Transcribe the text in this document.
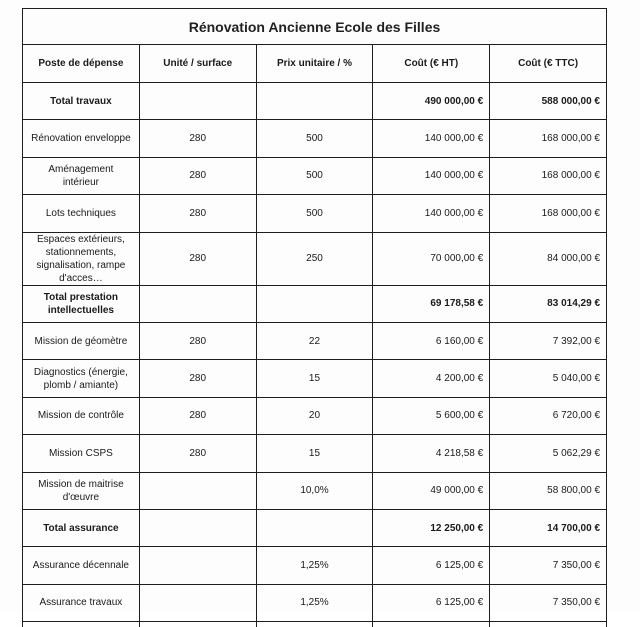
Rénovation Ancienne Ecole des Filles				
Poste de dépense	Unité / surface	Prix unitaire / %	Coût (€ HT)	Coût (€ TTC)
Total travaux			490 000,00 €	588 000,00 €
Rénovation enveloppe	280	500	140 000,00 €	168 000,00 €
Aménagement intérieur	280	500	140 000,00 €	168 000,00 €
Lots techniques	280	500	140 000,00 €	168 000,00 €
Espaces extérieurs, stationnements, signalisation, rampe d'acces…	280	250	70 000,00 €	84 000,00 €
Total prestation intellectuelles			69 178,58 €	83 014,29 €
Mission de géomètre	280	22	6 160,00 €	7 392,00 €
Diagnostics (énergie, plomb / amiante)	280	15	4 200,00 €	5 040,00 €
Mission de contrôle	280	20	5 600,00 €	6 720,00 €
Mission CSPS	280	15	4 218,58 €	5 062,29 €
Mission de maitrise d'œuvre		10,0%	49 000,00 €	58 800,00 €
Total assurance			12 250,00 €	14 700,00 €
Assurance décennale		1,25%	6 125,00 €	7 350,00 €
Assurance travaux		1,25%	6 125,00 €	7 350,00 €
